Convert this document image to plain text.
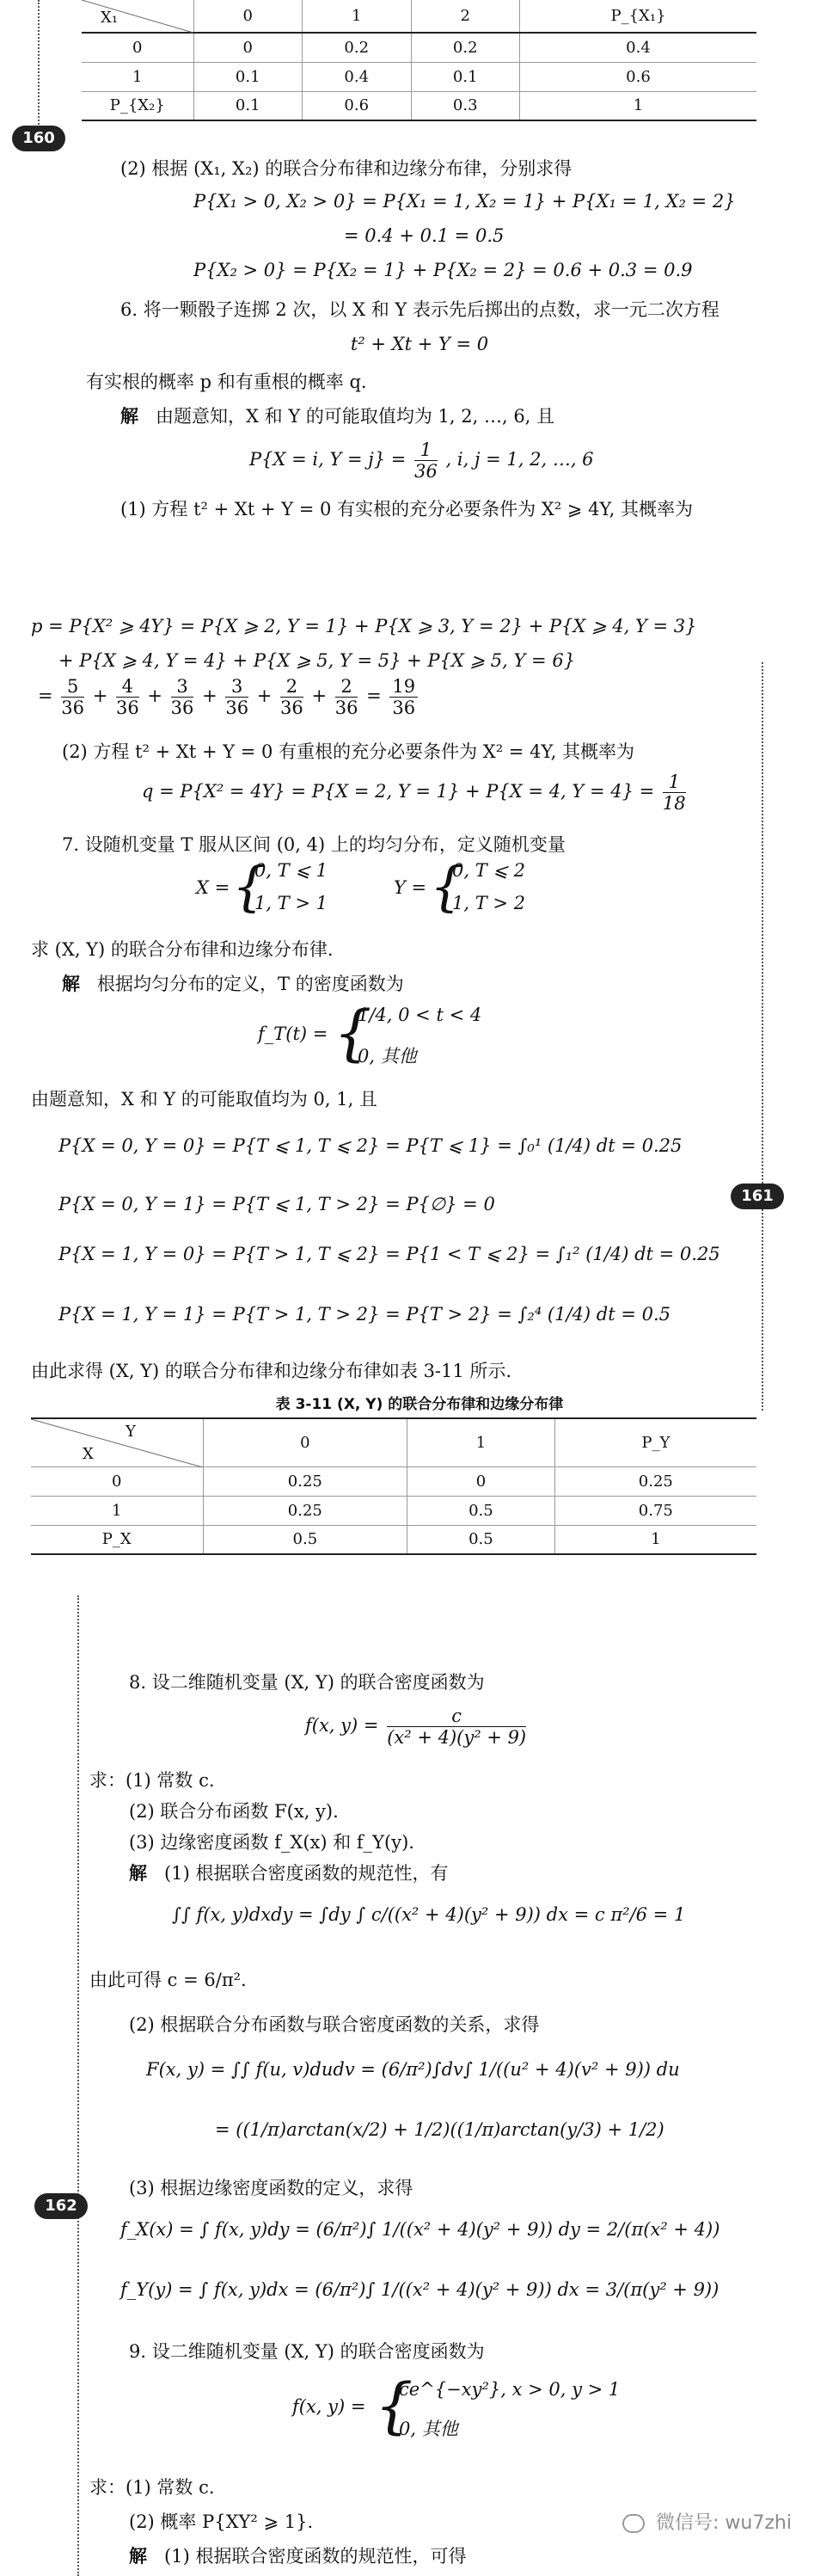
160
161
162
X₁	0	1	2	P_{X₁}
0	0	0.2	0.2	0.4
1	0.1	0.4	0.1	0.6
P_{X₂}	0.1	0.6	0.3	1
(2) 根据 (X₁, X₂) 的联合分布律和边缘分布律，分别求得
P{X₁ > 0, X₂ > 0} = P{X₁ = 1, X₂ = 1} + P{X₁ = 1, X₂ = 2}
= 0.4 + 0.1 = 0.5
P{X₂ > 0} = P{X₂ = 1} + P{X₂ = 2} = 0.6 + 0.3 = 0.9
6. 将一颗骰子连掷 2 次，以 X 和 Y 表示先后掷出的点数，求一元二次方程
t² + Xt + Y = 0
有实根的概率 p 和有重根的概率 q.
解 由题意知，X 和 Y 的可能取值均为 1, 2, …, 6, 且
P{X = i, $Y = j\} = \frac{1}{36}$ , i, j = 1, 2, …, 6
(1) 方程 t² + Xt + Y = 0 有实根的充分必要条件为 X² ⩾ 4Y, 其概率为
p = P{X² ⩾ 4Y} = P{X ⩾ 2, Y = 1} + P{X ⩾ 3, Y = 2} + P{X ⩾ 4, Y = 3}
+ P{X ⩾ 4, Y = 4} + P{X ⩾ 5, Y = 5} + P{X ⩾ 5, Y = 6}
= $\frac{5}{36} + \frac{4}{36} + \frac{3}{36} + \frac{3}{36} + \frac{2}{36} + \frac{2}{36} = \frac{19}{36}$
(2) 方程 t² + Xt + Y = 0 有重根的充分必要条件为 X² = 4Y, 其概率为
q = P{X² = 4Y} = P{X = 2, Y = 1} + P{X = 4, $Y = 4\} = \frac{1}{18}$
7. 设随机变量 T 服从区间 (0, 4) 上的均匀分布，定义随机变量
X = {
0, T ⩽ 1
1, T > 1
Y = {
0, T ⩽ 2
1, T > 2
求 (X, Y) 的联合分布律和边缘分布律.
解 根据均匀分布的定义，T 的密度函数为
f_T(t) = {
1/4, 0 < t < 4
0, 其他
由题意知，X 和 Y 的可能取值均为 0, 1, 且
P{X = 0, Y = 0} = P{T ⩽ 1, T ⩽ 2} = P{T ⩽ 1} = ∫₀¹ (1/4) dt = 0.25
P{X = 0, Y = 1} = P{T ⩽ 1, T > 2} = P{∅} = 0
P{X = 1, Y = 0} = P{T > 1, T ⩽ 2} = P{1 < T ⩽ 2} = ∫₁² (1/4) dt = 0.25
P{X = 1, Y = 1} = P{T > 1, T > 2} = P{T > 2} = ∫₂⁴ (1/4) dt = 0.5
由此求得 (X, Y) 的联合分布律和边缘分布律如表 3-11 所示.
表 3-11 (X, Y) 的联合分布律和边缘分布律
Y
X	0	1	P_Y
0	0.25	0	0.25
1	0.25	0.5	0.75
P_X	0.5	0.5	1
8. 设二维随机变量 (X, Y) 的联合密度函数为
f(x, $y) = \frac{c}{\text{(x² + 4)(y² + 9)}}$
求：(1) 常数 c.
(2) 联合分布函数 F(x, y).
(3) 边缘密度函数 f_X(x) 和 f_Y(y).
解 (1) 根据联合密度函数的规范性，有
∫∫ f(x, y)dxdy = ∫dy ∫ c/((x² + 4)(y² + 9)) dx = c π²/6 = 1
由此可得 c = 6/π².
(2) 根据联合分布函数与联合密度函数的关系，求得
F(x, y) = ∫∫ f(u, v)dudv = (6/π²)∫dv∫ 1/((u² + 4)(v² + 9)) du
= ((1/π)arctan(x/2) + 1/2)((1/π)arctan(y/3) + 1/2)
(3) 根据边缘密度函数的定义，求得
f_X(x) = ∫ f(x, y)dy = (6/π²)∫ 1/((x² + 4)(y² + 9)) dy = 2/(π(x² + 4))
f_Y(y) = ∫ f(x, y)dx = (6/π²)∫ 1/((x² + 4)(y² + 9)) dx = 3/(π(y² + 9))
9. 设二维随机变量 (X, Y) 的联合密度函数为
f(x, y) = {
ce^{−xy²}, x > 0, y > 1
0, 其他
求：(1) 常数 c.
(2) 概率 P{XY² ⩾ 1}.
解 (1) 根据联合密度函数的规范性，可得
微信号: wu7zhi
